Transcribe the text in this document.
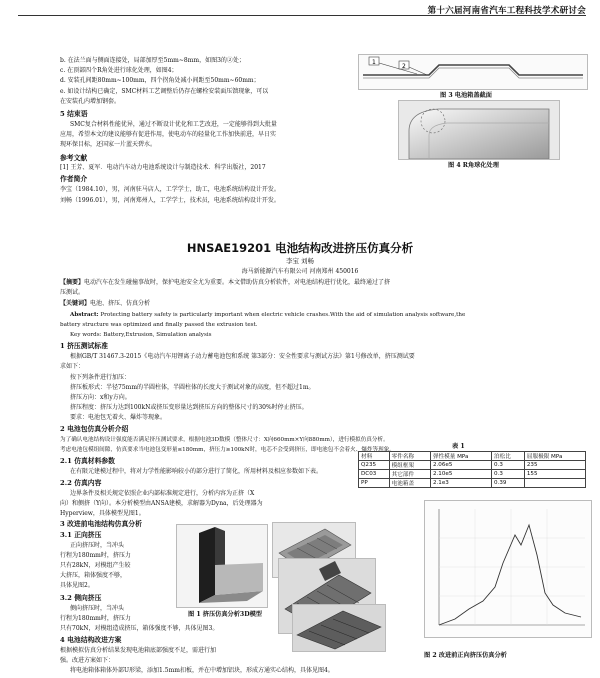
第十六届河南省汽车工程科技学术研讨会
b. 在法兰面与侧面连接处，局部加厚至5mm~8mm，如图3的②处；
c. 在顶部四个R角处进行球化处理，如图4；
d. 安装孔间距80mm~100mm，四个拐角处减小间距至50mm~60mm；
e. 如设计结构已确定，SMC材料工艺调整后仍存在螺栓安装面压馈现象，可以
在安装孔内增加钢套。
5 结束语
SMC复合材料性能优异，通过不断设计优化和工艺改进，一定能够得到大批量
应用，希望本文的建议能够有促进作用，使电动车的轻量化工作加快前进，早日实
现环保目标，还国家一片蓝天碧水。
参考文献
[1] 王芳、夏军．电动汽车动力电池系统设计与制造技术．科学出版社，2017
作者简介
李宝（1984.10），男，河南驻马店人，工学学士，助工，电池系统结构设计开发。
刘畅（1996.01），男，河南郑州人，工学学士，技术员，电池系统结构设计开发。
1
2
图 3 电池箱盖截面
图 4 R角球化处理
HNSAE19201 电池结构改进挤压仿真分析
李宝 刘畅
海马新能源汽车有限公司 河南郑州 450016
【摘要】电动汽车在发生碰撞事故时，保护电池安全尤为重要。本文借助仿真分析软件，对电池结构进行优化，最终通过了挤
压测试。
【关键词】电池、挤压、仿真分析
Abstract: Protecting battery safety is particularly important when electric vehicle crashes.With the aid of simulation analysis software,the
battery structure was optimized and finally passed the extrusion test.
Key words: Battery,Extrusion, Simulation analysis
1 挤压测试标准
根据GB/T 31467.3-2015《电动汽车用锂离子动力蓄电池包和系统 第3部分：安全性要求与测试方法》第1号修改单，挤压测试要
求如下：
按下列条件进行加压：
挤压板形式：半径75mm的半圆柱体，半圆柱体的长度大于测试对象的高度，但不超过1m。
挤压方向：x和y方向。
挤压程度：挤压力达到100kN或挤压变形量达到挤压方向的整体尺寸的30%时停止挤压。
要求：电池包无着火、爆炸等现象。
2 电池包仿真分析介绍
为了确认电池结构设计强度能否满足挤压测试要求，根据电池3D数模（整体尺寸：X向660mm×Y向880mm），进行模拟仿真分析。
考虑电池包模组间隙，仿真要求当电池包变形量≤180mm，挤压力≥100kN时，电芯不会受到挤压，即电池包不会着火、爆炸等现象。
2.1 仿真材料参数
在有限元建模过程中，将对力学性能影响较小的部分进行了简化，所用材料及相应参数如下表。
2.2 仿真内容
边界条件及相关规定依照企业内部标准规定进行，分析内容为正挤（X
向）和侧挤（Y向）。本分析模型由ANSA建模，求解器为Dyna，后处理器为
Hyperview，具体模型见图1。
表 1
材料	零件名称	弹性模量 MPa	泊松比	屈服极限 MPa
Q235	模组框架	2.06e5	0.3	235
DC03	其它部件	2.10e5	0.3	155
PP	电池箱盖	2.1e3	0.39	
3 改进前电池结构仿真分析
3.1 正向挤压
正向挤压时，当冲头
行程为180mm时，挤压力
只有28kN，对模组产生较
大挤压，箱体强度不够，
具体见图2。
3.2 侧向挤压
侧向挤压时，当冲头
行程为180mm时，挤压力
只有70kN，对模组造成挤压，箱体强度不够，具体见图3。
4 电池结构改进方案
根据模拟仿真分析结果发现电池箱底部强度不足，需进行加
强。改进方案如下：
将电池箱体箱体外部U形梁，添加1.5mm扣板，并在中增加铝块，形成方通实心结构，具体见图4。
图 1 挤压仿真分析3D模型
图 2 改进前正向挤压仿真分析
